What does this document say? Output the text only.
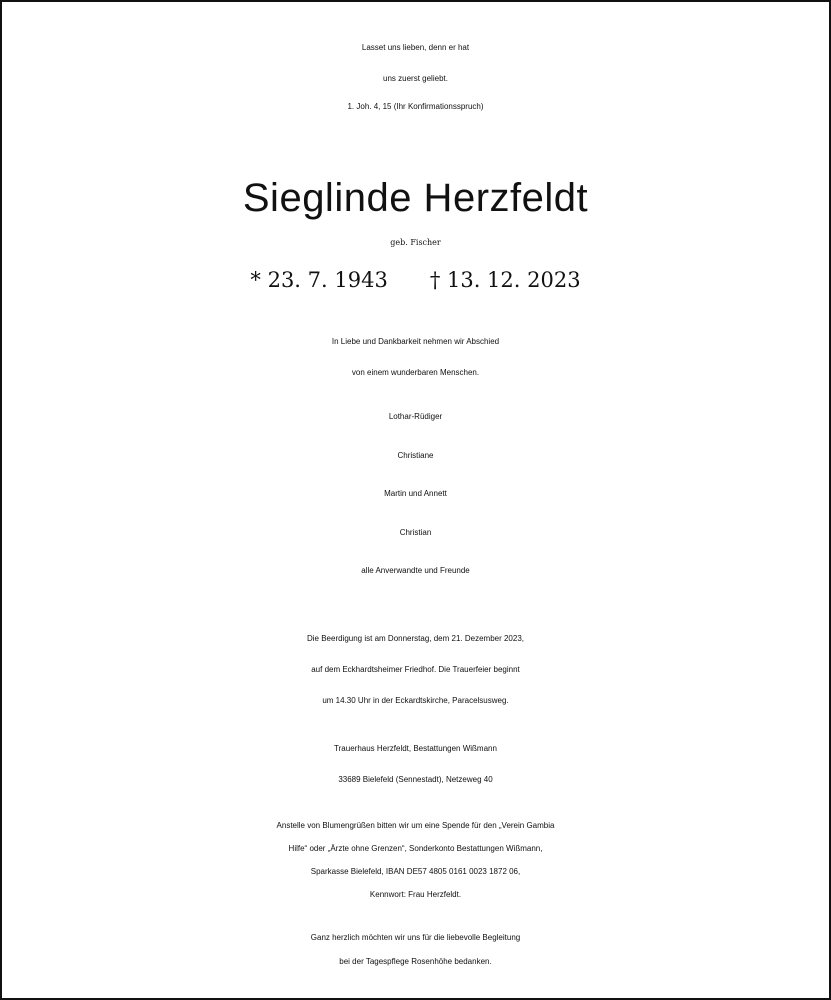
Lasset uns lieben, denn er hat
uns zuerst geliebt.
1. Joh. 4, 15 (Ihr Konfirmationsspruch)
Sieglinde Herzfeldt
geb. Fischer
* 23. 7. 1943 † 13. 12. 2023
In Liebe und Dankbarkeit nehmen wir Abschied
von einem wunderbaren Menschen.
Lothar-Rüdiger
Christiane
Martin und Annett
Christian
alle Anverwandte und Freunde
Die Beerdigung ist am Donnerstag, dem 21. Dezember 2023,
auf dem Eckhardtsheimer Friedhof. Die Trauerfeier beginnt
um 14.30 Uhr in der Eckardtskirche, Paracelsusweg.
Trauerhaus Herzfeldt, Bestattungen Wißmann
33689 Bielefeld (Sennestadt), Netzeweg 40
Anstelle von Blumengrüßen bitten wir um eine Spende für den „Verein Gambia
Hilfe“ oder „Ärzte ohne Grenzen“, Sonderkonto Bestattungen Wißmann,
Sparkasse Bielefeld, IBAN DE57 4805 0161 0023 1872 06,
Kennwort: Frau Herzfeldt.
Ganz herzlich möchten wir uns für die liebevolle Begleitung
bei der Tagespflege Rosenhöhe bedanken.
